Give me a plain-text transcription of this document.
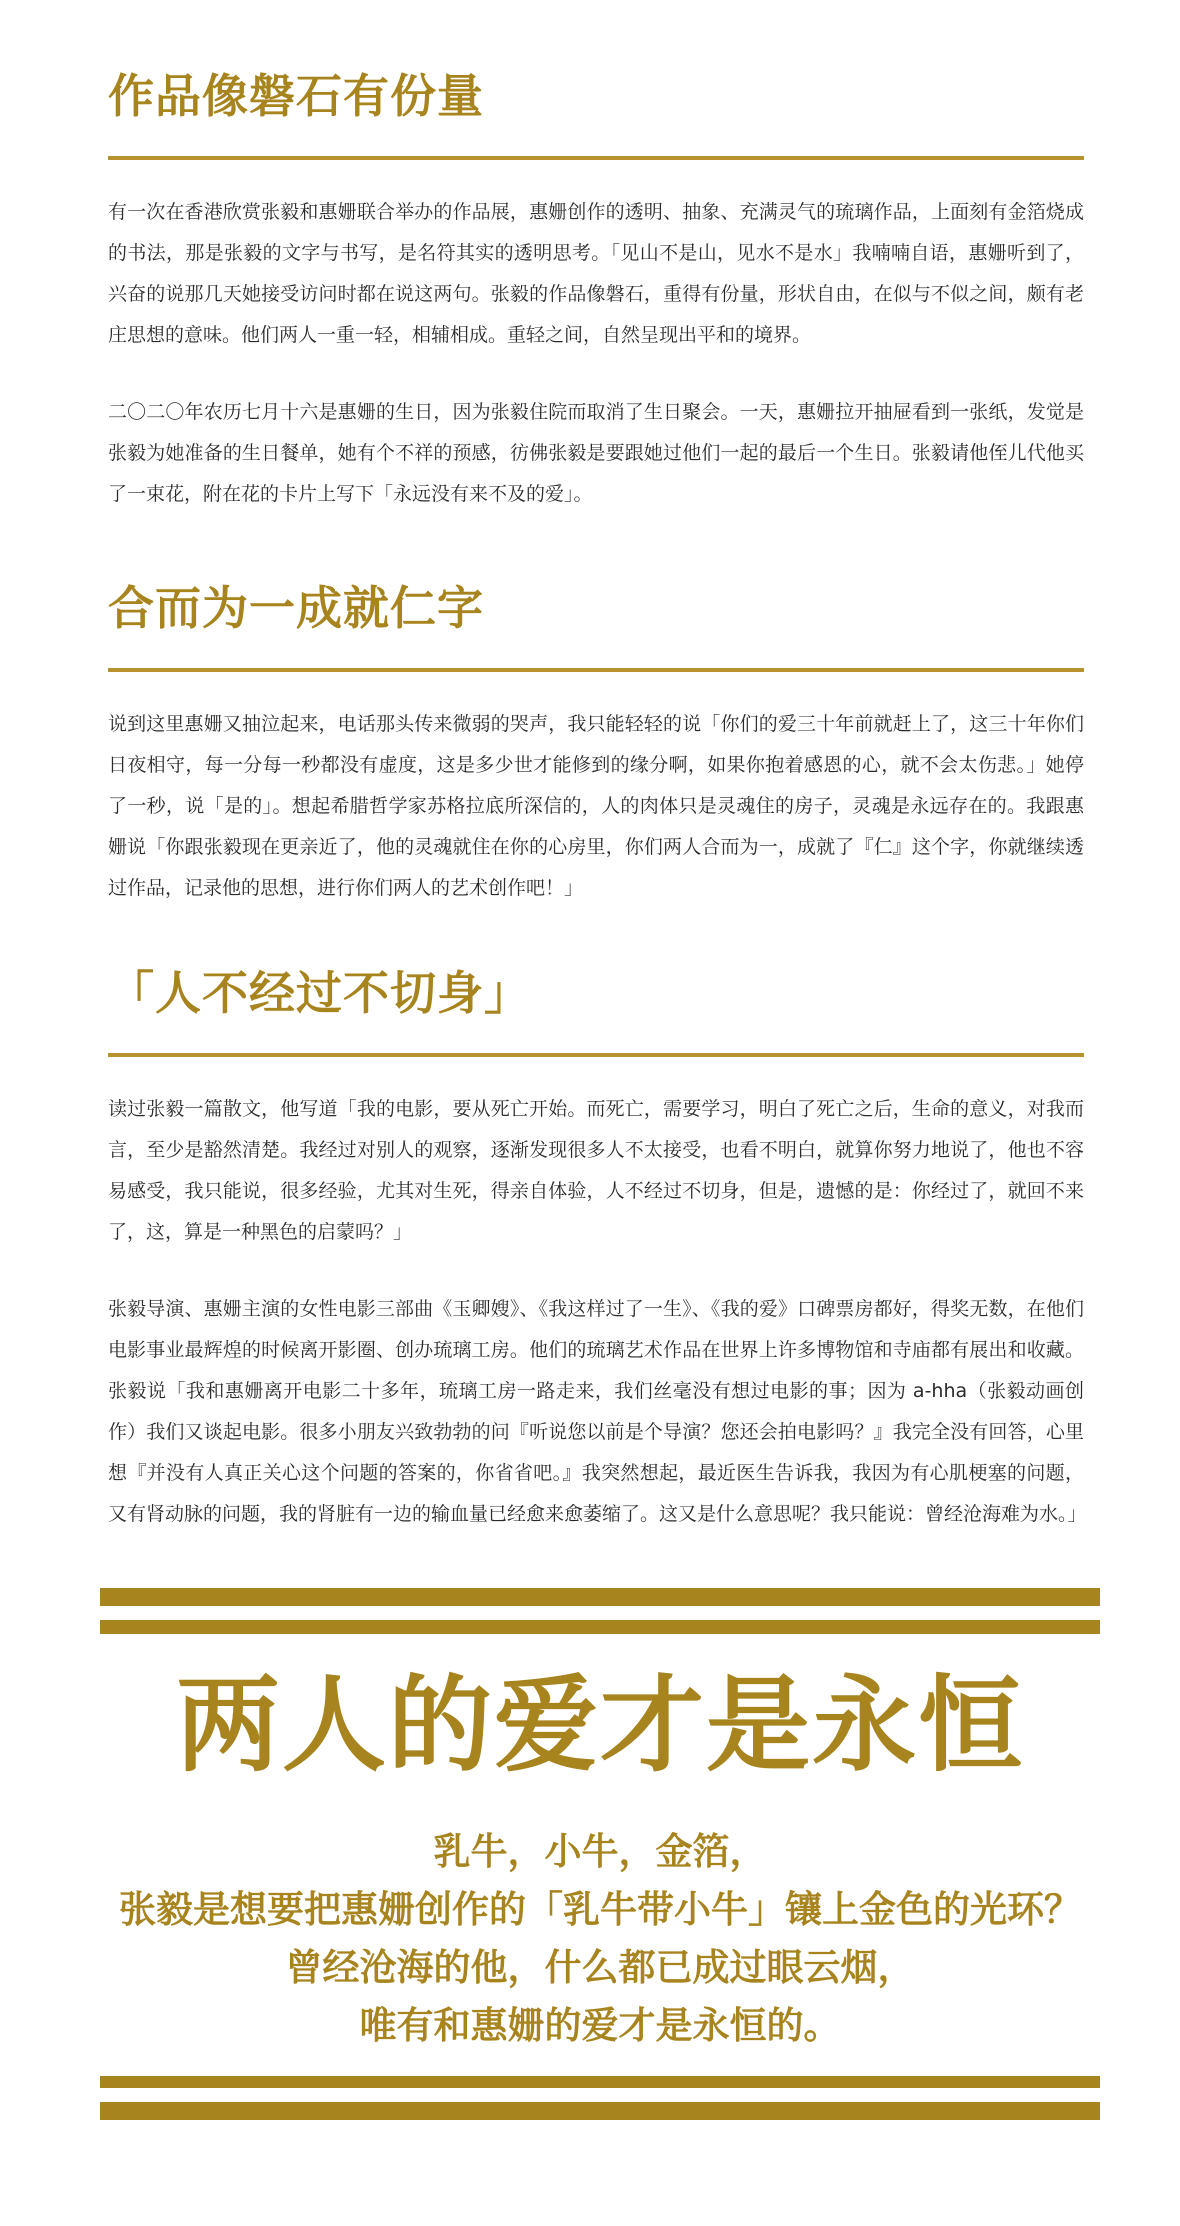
作品像磐石有份量

有一次在香港欣赏张毅和惠姗联合举办的作品展，惠姗创作的透明、抽象、充满灵气的琉璃作品，上面刻有金箔烧成的书法，那是张毅的文字与书写，是名符其实的透明思考。「见山不是山，见水不是水」我喃喃自语，惠姗听到了，兴奋的说那几天她接受访问时都在说这两句。张毅的作品像磐石，重得有份量，形状自由，在似与不似之间，颇有老庄思想的意味。他们两人一重一轻，相辅相成。重轻之间，自然呈现出平和的境界。

二〇二〇年农历七月十六是惠姗的生日，因为张毅住院而取消了生日聚会。一天，惠姗拉开抽屉看到一张纸，发觉是张毅为她准备的生日餐单，她有个不祥的预感，彷佛张毅是要跟她过他们一起的最后一个生日。张毅请他侄儿代他买了一束花，附在花的卡片上写下「永远没有来不及的爱」。

合而为一成就仁字

说到这里惠姗又抽泣起来，电话那头传来微弱的哭声，我只能轻轻的说「你们的爱三十年前就赶上了，这三十年你们日夜相守，每一分每一秒都没有虚度，这是多少世才能修到的缘分啊，如果你抱着感恩的心，就不会太伤悲。」她停了一秒，说「是的」。想起希腊哲学家苏格拉底所深信的，人的肉体只是灵魂住的房子，灵魂是永远存在的。我跟惠姗说「你跟张毅现在更亲近了，他的灵魂就住在你的心房里，你们两人合而为一，成就了『仁』这个字，你就继续透过作品，记录他的思想，进行你们两人的艺术创作吧！」

「人不经过不切身」

读过张毅一篇散文，他写道「我的电影，要从死亡开始。而死亡，需要学习，明白了死亡之后，生命的意义，对我而言，至少是豁然清楚。我经过对别人的观察，逐渐发现很多人不太接受，也看不明白，就算你努力地说了，他也不容易感受，我只能说，很多经验，尤其对生死，得亲自体验，人不经过不切身，但是，遗憾的是：你经过了，就回不来了，这，算是一种黑色的启蒙吗？」

张毅导演、惠姗主演的女性电影三部曲《玉卿嫂》、《我这样过了一生》、《我的爱》口碑票房都好，得奖无数，在他们电影事业最辉煌的时候离开影圈、创办琉璃工房。他们的琉璃艺术作品在世界上许多博物馆和寺庙都有展出和收藏。张毅说「我和惠姗离开电影二十多年，琉璃工房一路走来，我们丝毫没有想过电影的事；因为 a-hha（张毅动画创作）我们又谈起电影。很多小朋友兴致勃勃的问『听说您以前是个导演？您还会拍电影吗？』我完全没有回答，心里想『并没有人真正关心这个问题的答案的，你省省吧。』我突然想起，最近医生告诉我，我因为有心肌梗塞的问题，又有肾动脉的问题，我的肾脏有一边的输血量已经愈来愈萎缩了。这又是什么意思呢？我只能说：曾经沧海难为水。」

两人的爱才是永恒
乳牛，小牛，金箔，
张毅是想要把惠姗创作的「乳牛带小牛」镶上金色的光环？
曾经沧海的他，什么都已成过眼云烟，
唯有和惠姗的爱才是永恒的。
